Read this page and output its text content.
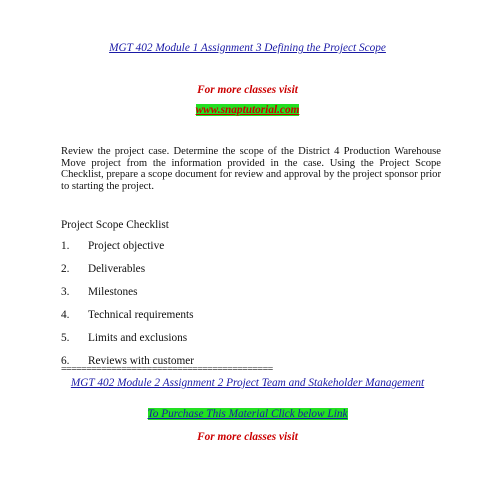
MGT 402 Module 1 Assignment 3 Defining the Project Scope
For more classes visit
www.snaptutorial.com
Review the project case. Determine the scope of the District 4 Production Warehouse Move project from the information provided in the case. Using the Project Scope Checklist, prepare a scope document for review and approval by the project sponsor prior to starting the project.
Project Scope Checklist
1. Project objective
2. Deliverables
3. Milestones
4. Technical requirements
5. Limits and exclusions
6. Reviews with customer
==========================================
MGT 402 Module 2 Assignment 2 Project Team and Stakeholder Management
To Purchase This Material Click below Link
For more classes visit
